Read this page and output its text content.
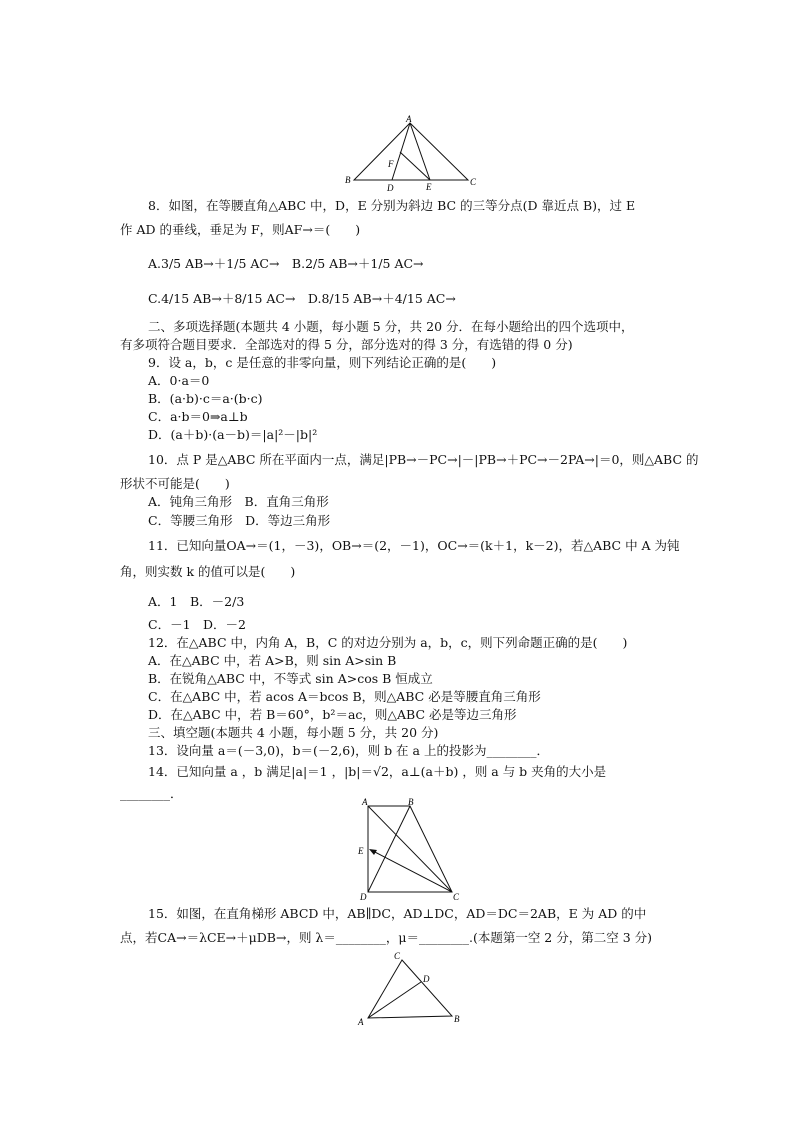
A
B	C
D	E
F
8．如图，在等腰直角△ABC 中，D，E 分别为斜边 BC 的三等分点(D 靠近点 B)，过 E
作 AD 的垂线，垂足为 F，则AF→＝(　　)
A.3/5 AB→＋1/5 AC→　B.2/5 AB→＋1/5 AC→
C.4/15 AB→＋8/15 AC→　D.8/15 AB→＋4/15 AC→
二、多项选择题(本题共 4 小题，每小题 5 分，共 20 分．在每小题给出的四个选项中，
有多项符合题目要求．全部选对的得 5 分，部分选对的得 3 分，有选错的得 0 分)
9．设 a，b，c 是任意的非零向量，则下列结论正确的是(　　)
A．0·a＝0
B．(a·b)·c＝a·(b·c)
C．a·b＝0⇒a⊥b
D．(a＋b)·(a－b)＝|a|²－|b|²
10．点 P 是△ABC 所在平面内一点，满足|PB→－PC→|－|PB→＋PC→－2PA→|＝0，则△ABC 的
形状不可能是(　　)
A．钝角三角形　B．直角三角形
C．等腰三角形　D．等边三角形
11．已知向量OA→＝(1，－3)，OB→＝(2，－1)，OC→＝(k＋1，k－2)，若△ABC 中 A 为钝
角，则实数 k 的值可以是(　　)
A．1　B．－2/3
C．－1　D．－2
12．在△ABC 中，内角 A，B，C 的对边分别为 a，b，c，则下列命题正确的是(　　)
A．在△ABC 中，若 A>B，则 sin A>sin B
B．在锐角△ABC 中，不等式 sin A>cos B 恒成立
C．在△ABC 中，若 acos A＝bcos B，则△ABC 必是等腰直角三角形
D．在△ABC 中，若 B＝60°，b²＝ac，则△ABC 必是等边三角形
三、填空题(本题共 4 小题，每小题 5 分，共 20 分)
13．设向量 a＝(－3,0)，b＝(－2,6)，则 b 在 a 上的投影为________．
14．已知向量 a ，b 满足|a|＝1 ，|b|＝√2，a⊥(a＋b) ，则 a 与 b 夹角的大小是
________．
A	B
C
D
E
15．如图，在直角梯形 ABCD 中，AB∥DC，AD⊥DC，AD＝DC＝2AB，E 为 AD 的中
点，若CA→＝λCE→＋μDB→，则 λ＝________，μ＝________.(本题第一空 2 分，第二空 3 分)
A	B
C
D
